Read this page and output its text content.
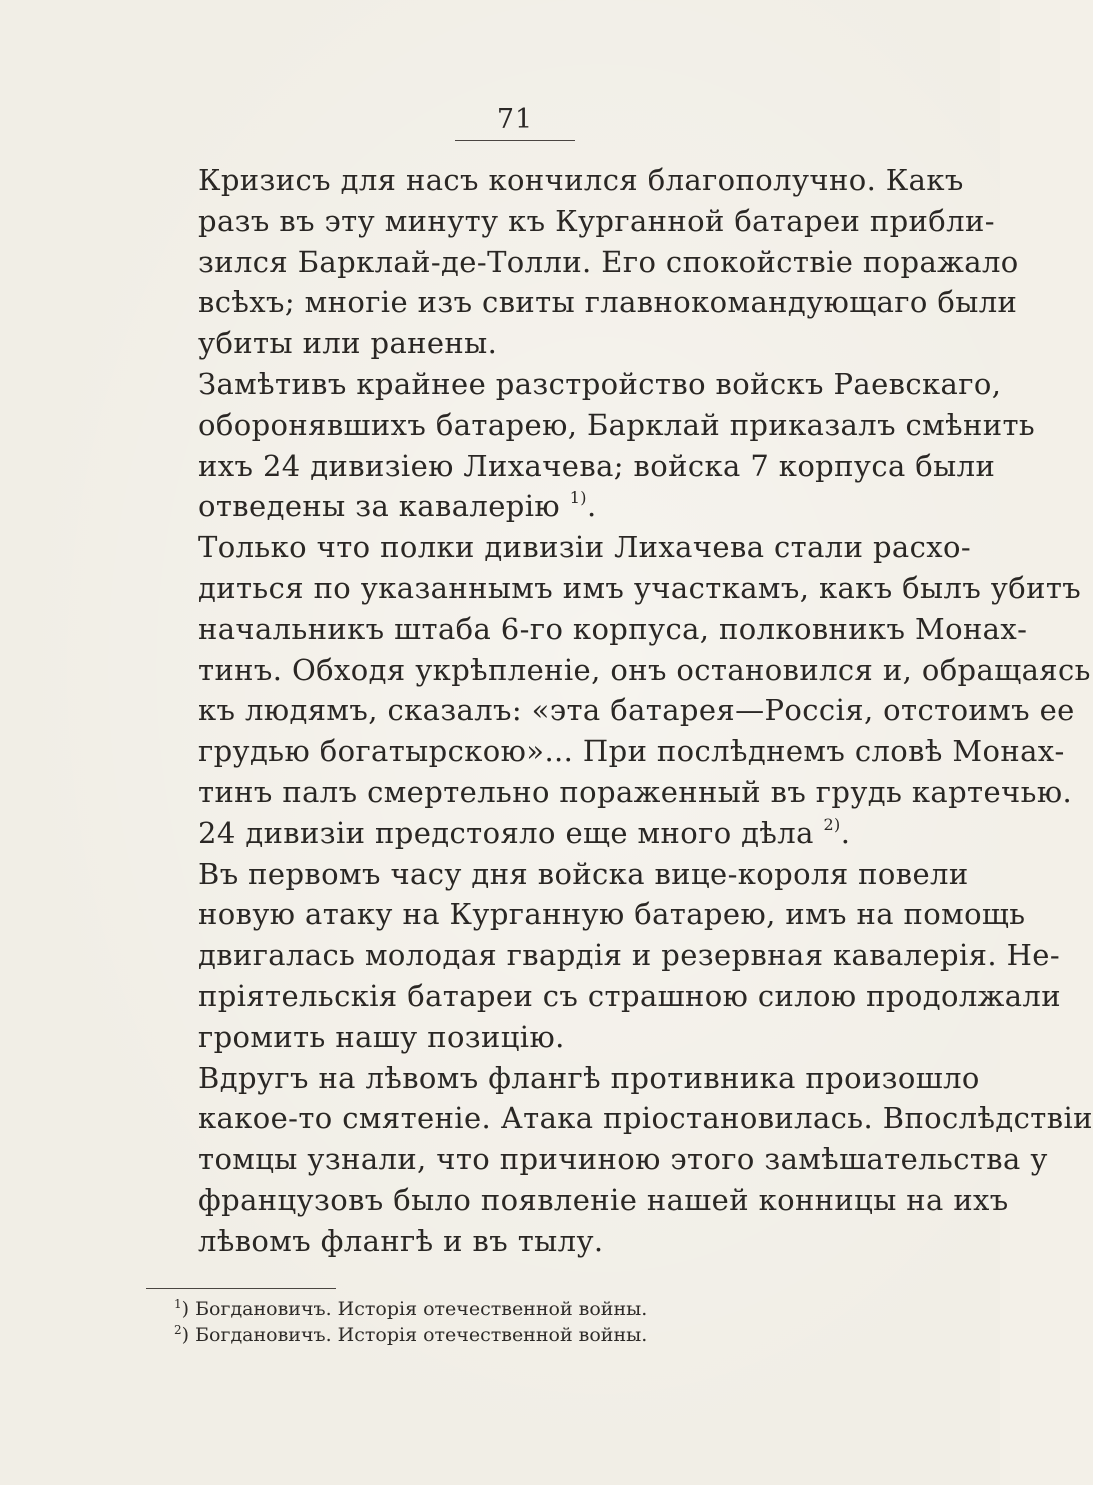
71

Кризисъ для насъ кончился благополучно. Какъ
разъ въ эту минуту къ Курганной батареи прибли-
зился Барклай-де-Толли. Его спокойствіе поражало
всѣхъ; многіе изъ свиты главнокомандующаго были
убиты или ранены.

Замѣтивъ крайнее разстройство войскъ Раевскаго,
оборонявшихъ батарею, Барклай приказалъ смѣнить
ихъ 24 дивизіею Лихачева; войска 7 корпуса были
отведены за кавалерію $^{1)}$.

Только что полки дивизіи Лихачева стали расхо-
диться по указаннымъ имъ участкамъ, какъ былъ убитъ
начальникъ штаба 6-го корпуса, полковникъ Монах-
тинъ. Обходя укрѣпленіе, онъ остановился и, обращаясь
къ людямъ, сказалъ: «эта батарея—Россія, отстоимъ ее
грудью богатырскою»... При послѣднемъ словѣ Монах-
тинъ палъ смертельно пораженный въ грудь картечью.
24 дивизіи предстояло еще много дѣла $^{2)}$.

Въ первомъ часу дня войска вице-короля повели
новую атаку на Курганную батарею, имъ на помощь
двигалась молодая гвардія и резервная кавалерія. Не-
пріятельскія батареи съ страшною силою продолжали
громить нашу позицію.

Вдругъ на лѣвомъ флангѣ противника произошло
какое-то смятеніе. Атака пріостановилась. Впослѣдствіи
томцы узнали, что причиною этого замѣшательства у
французовъ было появленіе нашей конницы на ихъ
лѣвомъ флангѣ и въ тылу.

$^1$) Богдановичъ. Исторія отечественной войны.
$^2$) Богдановичъ. Исторія отечественной войны.
